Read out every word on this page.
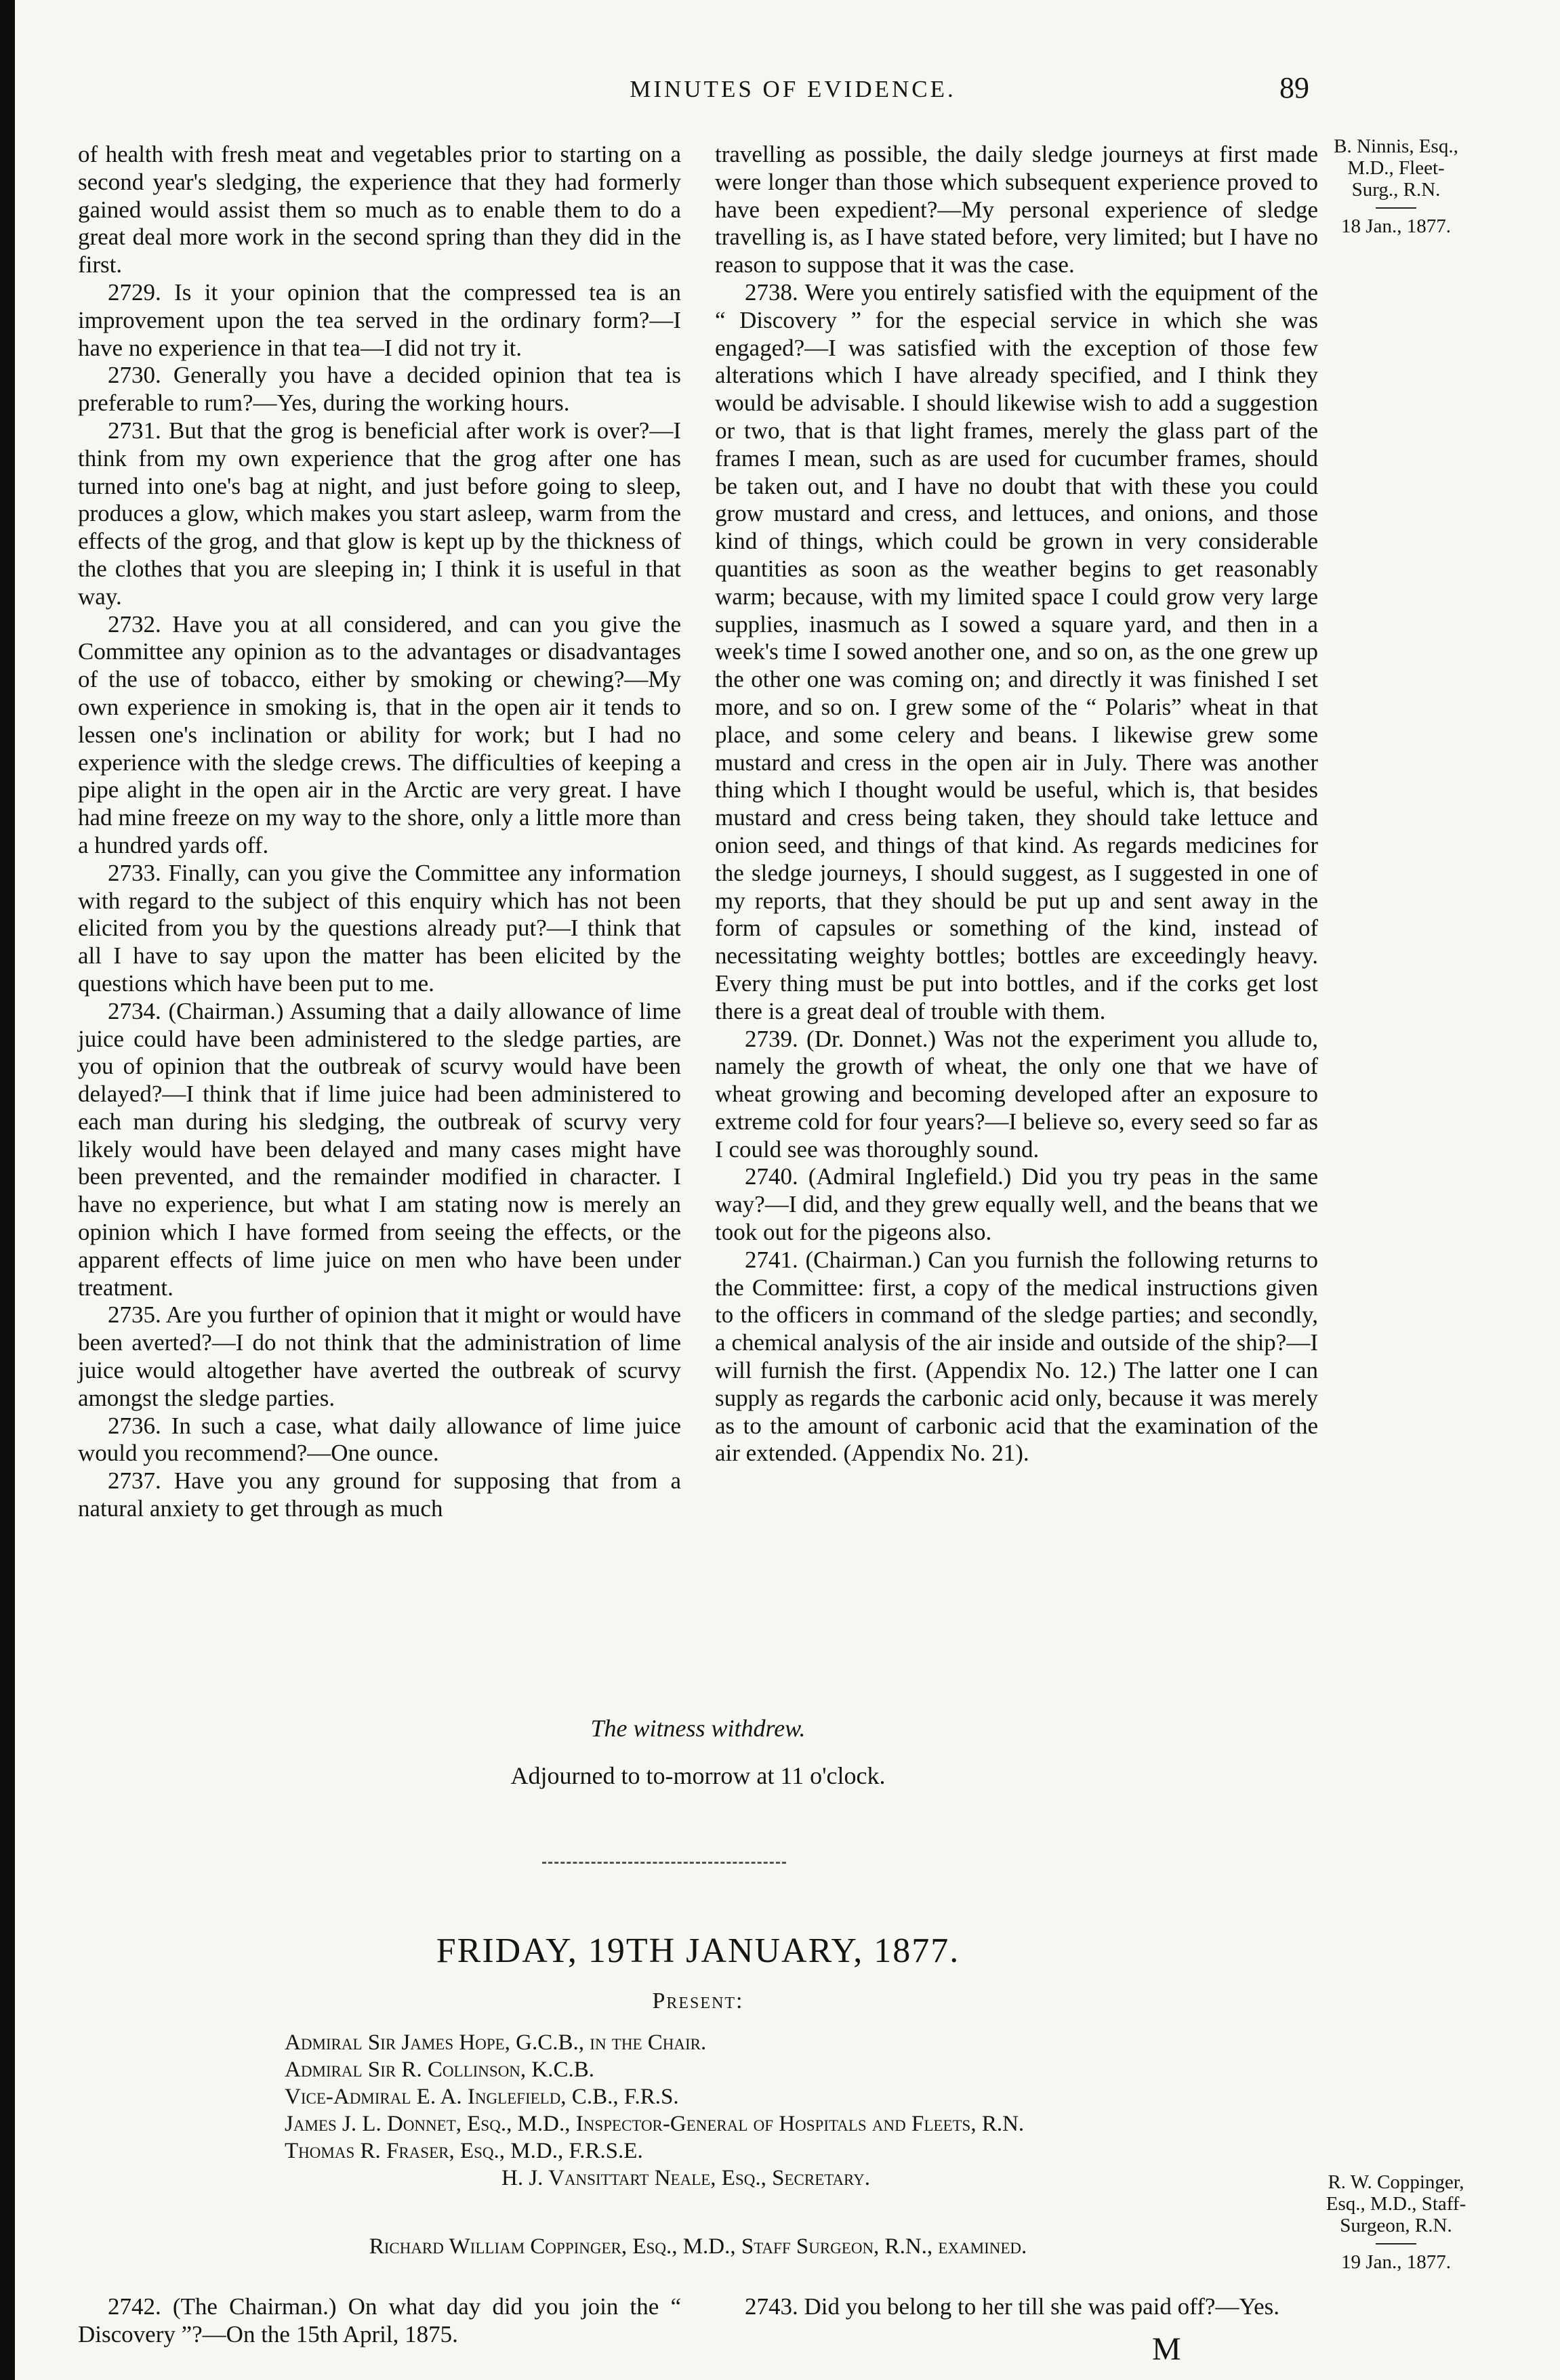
MINUTES OF EVIDENCE.	89

of health with fresh meat and vegetables prior to starting on a second year's sledging, the experience that they had formerly gained would assist them so much as to enable them to do a great deal more work in the second spring than they did in the first.

2729. Is it your opinion that the compressed tea is an improvement upon the tea served in the ordinary form?—I have no experience in that tea—I did not try it.

2730. Generally you have a decided opinion that tea is preferable to rum?—Yes, during the working hours.

2731. But that the grog is beneficial after work is over?—I think from my own experience that the grog after one has turned into one's bag at night, and just before going to sleep, produces a glow, which makes you start asleep, warm from the effects of the grog, and that glow is kept up by the thickness of the clothes that you are sleeping in; I think it is useful in that way.

2732. Have you at all considered, and can you give the Committee any opinion as to the advantages or disadvantages of the use of tobacco, either by smoking or chewing?—My own experience in smoking is, that in the open air it tends to lessen one's inclination or ability for work; but I had no experience with the sledge crews. The difficulties of keeping a pipe alight in the open air in the Arctic are very great. I have had mine freeze on my way to the shore, only a little more than a hundred yards off.

2733. Finally, can you give the Committee any information with regard to the subject of this enquiry which has not been elicited from you by the questions already put?—I think that all I have to say upon the matter has been elicited by the questions which have been put to me.

2734. (Chairman.) Assuming that a daily allowance of lime juice could have been administered to the sledge parties, are you of opinion that the outbreak of scurvy would have been delayed?—I think that if lime juice had been administered to each man during his sledging, the outbreak of scurvy very likely would have been delayed and many cases might have been prevented, and the remainder modified in character. I have no experience, but what I am stating now is merely an opinion which I have formed from seeing the effects, or the apparent effects of lime juice on men who have been under treatment.

2735. Are you further of opinion that it might or would have been averted?—I do not think that the administration of lime juice would altogether have averted the outbreak of scurvy amongst the sledge parties.

2736. In such a case, what daily allowance of lime juice would you recommend?—One ounce.

2737. Have you any ground for supposing that from a natural anxiety to get through as much

travelling as possible, the daily sledge journeys at first made were longer than those which subsequent experience proved to have been expedient?—My personal experience of sledge travelling is, as I have stated before, very limited; but I have no reason to suppose that it was the case.

2738. Were you entirely satisfied with the equipment of the “ Discovery ” for the especial service in which she was engaged?—I was satisfied with the exception of those few alterations which I have already specified, and I think they would be advisable. I should likewise wish to add a suggestion or two, that is that light frames, merely the glass part of the frames I mean, such as are used for cucumber frames, should be taken out, and I have no doubt that with these you could grow mustard and cress, and lettuces, and onions, and those kind of things, which could be grown in very considerable quantities as soon as the weather begins to get reasonably warm; because, with my limited space I could grow very large supplies, inasmuch as I sowed a square yard, and then in a week's time I sowed another one, and so on, as the one grew up the other one was coming on; and directly it was finished I set more, and so on. I grew some of the “ Polaris” wheat in that place, and some celery and beans. I likewise grew some mustard and cress in the open air in July. There was another thing which I thought would be useful, which is, that besides mustard and cress being taken, they should take lettuce and onion seed, and things of that kind. As regards medicines for the sledge journeys, I should suggest, as I suggested in one of my reports, that they should be put up and sent away in the form of capsules or something of the kind, instead of necessitating weighty bottles; bottles are exceedingly heavy. Every thing must be put into bottles, and if the corks get lost there is a great deal of trouble with them.

2739. (Dr. Donnet.) Was not the experiment you allude to, namely the growth of wheat, the only one that we have of wheat growing and becoming developed after an exposure to extreme cold for four years?—I believe so, every seed so far as I could see was thoroughly sound.

2740. (Admiral Inglefield.) Did you try peas in the same way?—I did, and they grew equally well, and the beans that we took out for the pigeons also.

2741. (Chairman.) Can you furnish the following returns to the Committee: first, a copy of the medical instructions given to the officers in command of the sledge parties; and secondly, a chemical analysis of the air inside and outside of the ship?—I will furnish the first. (Appendix No. 12.) The latter one I can supply as regards the carbonic acid only, because it was merely as to the amount of carbonic acid that the examination of the air extended. (Appendix No. 21).

B. Ninnis, Esq., M.D., Fleet-Surg., R.N.
18 Jan., 1877.
The witness withdrew.
Adjourned to to-morrow at 11 o'clock.
FRIDAY, 19TH JANUARY, 1877.
Present:
Admiral Sir James Hope, G.C.B., in the Chair.
Admiral Sir R. Collinson, K.C.B.
Vice-Admiral E. A. Inglefield, C.B., F.R.S.
James J. L. Donnet, Esq., M.D., Inspector-General of Hospitals and Fleets, R.N.
Thomas R. Fraser, Esq., M.D., F.R.S.E.
H. J. Vansittart Neale, Esq., Secretary.	R. W. Coppinger, Esq., M.D., Staff-Surgeon, R.N.
19 Jan., 1877.
Richard William Coppinger, Esq., M.D., Staff Surgeon, R.N., examined.

2742. (The Chairman.) On what day did you join the “ Discovery ”?—On the 15th April, 1875.

2743. Did you belong to her till she was paid off?—Yes.

M
